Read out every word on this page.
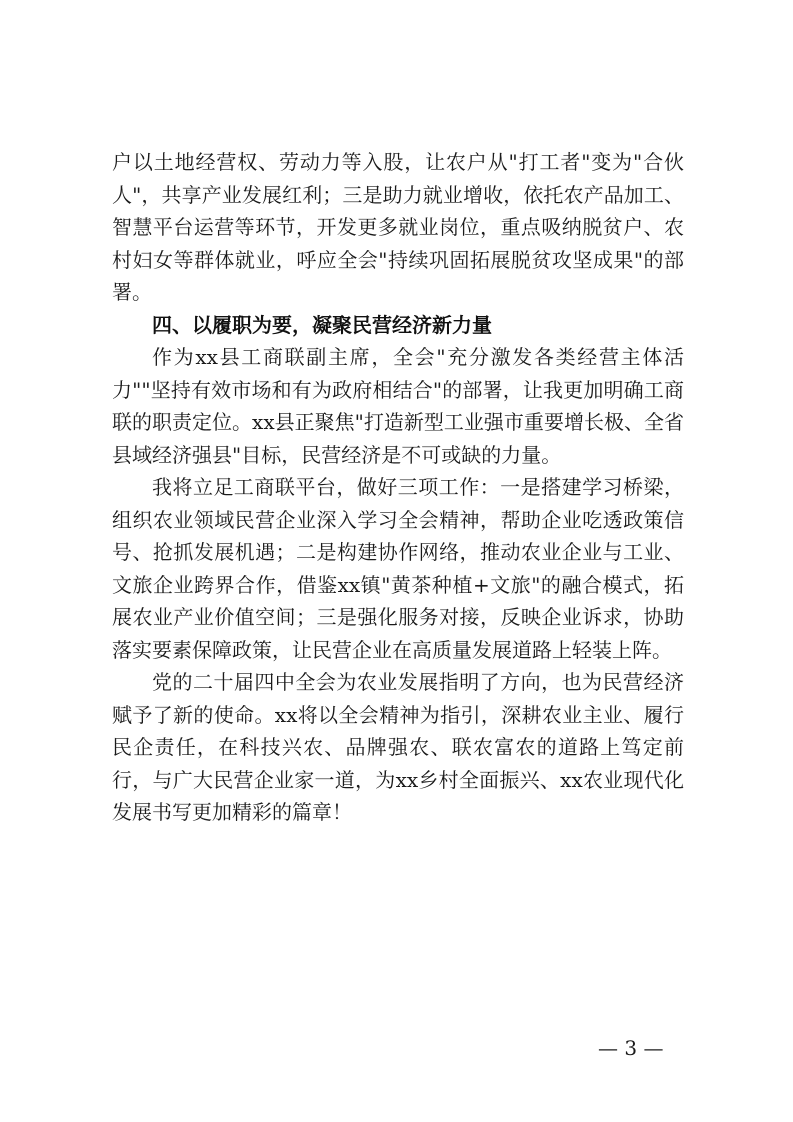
户以土地经营权、劳动力等入股，让农户从"打工者"变为"合伙人"，共享产业发展红利；三是助力就业增收，依托农产品加工、智慧平台运营等环节，开发更多就业岗位，重点吸纳脱贫户、农村妇女等群体就业，呼应全会"持续巩固拓展脱贫攻坚成果"的部署。

四、以履职为要，凝聚民营经济新力量

作为xx县工商联副主席，全会"充分激发各类经营主体活力""坚持有效市场和有为政府相结合"的部署，让我更加明确工商联的职责定位。xx县正聚焦"打造新型工业强市重要增长极、全省县域经济强县"目标，民营经济是不可或缺的力量。

我将立足工商联平台，做好三项工作：一是搭建学习桥梁，组织农业领域民营企业深入学习全会精神，帮助企业吃透政策信号、抢抓发展机遇；二是构建协作网络，推动农业企业与工业、文旅企业跨界合作，借鉴xx镇"黄茶种植+文旅"的融合模式，拓展农业产业价值空间；三是强化服务对接，反映企业诉求，协助落实要素保障政策，让民营企业在高质量发展道路上轻装上阵。

党的二十届四中全会为农业发展指明了方向，也为民营经济赋予了新的使命。xx将以全会精神为指引，深耕农业主业、履行民企责任，在科技兴农、品牌强农、联农富农的道路上笃定前行，与广大民营企业家一道，为xx乡村全面振兴、xx农业现代化发展书写更加精彩的篇章！

— 3 —
